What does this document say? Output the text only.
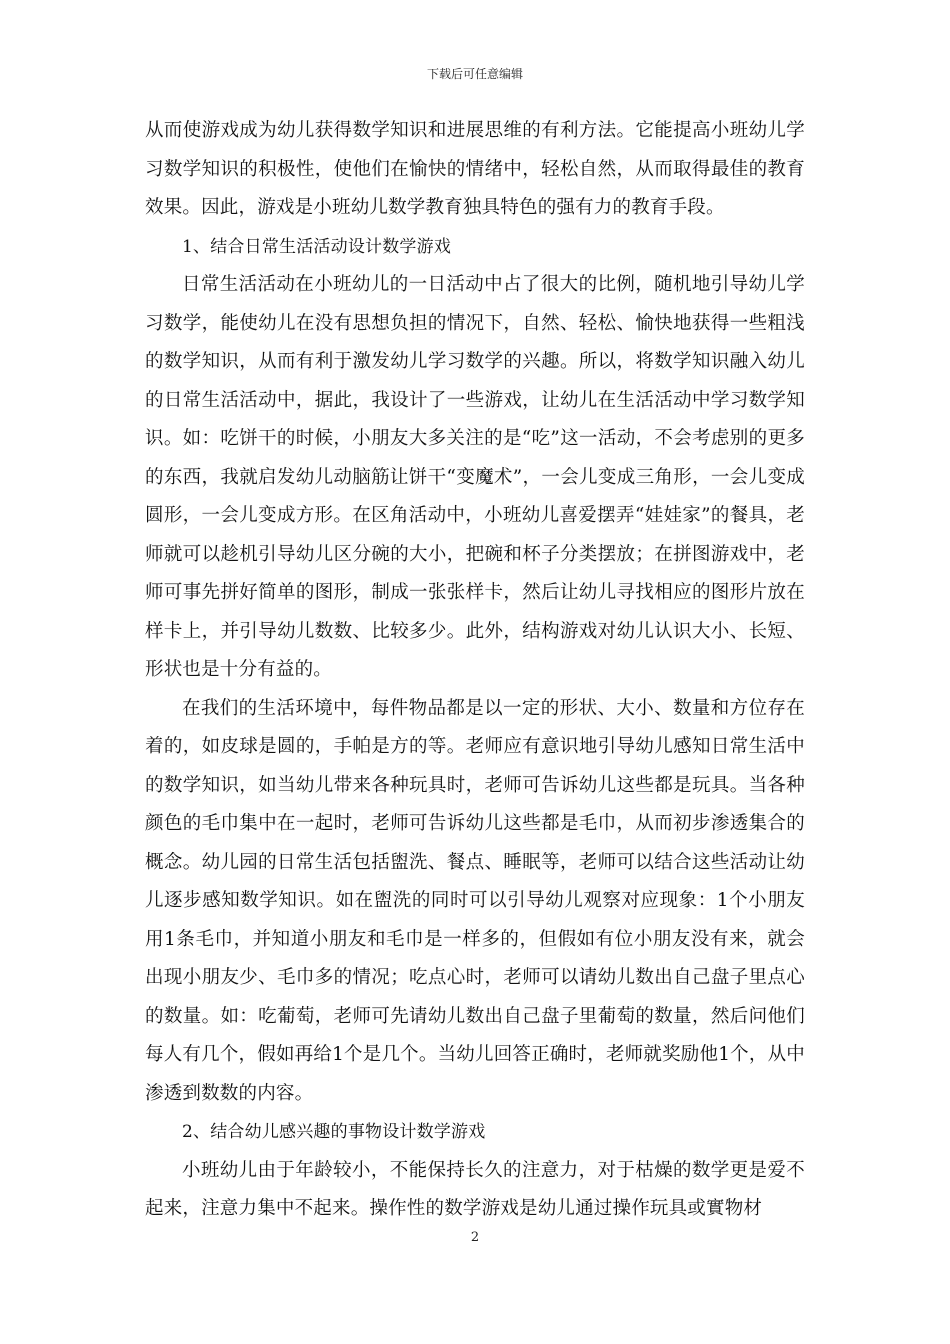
下载后可任意编辑

从而使游戏成为幼儿获得数学知识和进展思维的有利方法。它能提高小班幼儿学习数学知识的积极性，使他们在愉快的情绪中，轻松自然，从而取得最佳的教育效果。因此，游戏是小班幼儿数学教育独具特色的强有力的教育手段。

1、结合日常生活活动设计数学游戏

日常生活活动在小班幼儿的一日活动中占了很大的比例，随机地引导幼儿学习数学，能使幼儿在没有思想负担的情况下，自然、轻松、愉快地获得一些粗浅的数学知识，从而有利于激发幼儿学习数学的兴趣。所以，将数学知识融入幼儿的日常生活活动中，据此，我设计了一些游戏，让幼儿在生活活动中学习数学知识。如：吃饼干的时候，小朋友大多关注的是“吃”这一活动，不会考虑别的更多的东西，我就启发幼儿动脑筋让饼干“变魔术”，一会儿变成三角形，一会儿变成圆形，一会儿变成方形。在区角活动中，小班幼儿喜爱摆弄“娃娃家”的餐具，老师就可以趁机引导幼儿区分碗的大小，把碗和杯子分类摆放；在拼图游戏中，老师可事先拼好简单的图形，制成一张张样卡，然后让幼儿寻找相应的图形片放在样卡上，并引导幼儿数数、比较多少。此外，结构游戏对幼儿认识大小、长短、形状也是十分有益的。

在我们的生活环境中，每件物品都是以一定的形状、大小、数量和方位存在着的，如皮球是圆的，手帕是方的等。老师应有意识地引导幼儿感知日常生活中的数学知识，如当幼儿带来各种玩具时，老师可告诉幼儿这些都是玩具。当各种颜色的毛巾集中在一起时，老师可告诉幼儿这些都是毛巾，从而初步渗透集合的概念。幼儿园的日常生活包括盥洗、餐点、睡眠等，老师可以结合这些活动让幼儿逐步感知数学知识。如在盥洗的同时可以引导幼儿观察对应现象：1个小朋友用1条毛巾，并知道小朋友和毛巾是一样多的，但假如有位小朋友没有来，就会出现小朋友少、毛巾多的情况；吃点心时，老师可以请幼儿数出自己盘子里点心的数量。如：吃葡萄，老师可先请幼儿数出自己盘子里葡萄的数量，然后问他们每人有几个，假如再给1个是几个。当幼儿回答正确时，老师就奖励他1个，从中渗透到数数的内容。

2、结合幼儿感兴趣的事物设计数学游戏

小班幼儿由于年龄较小，不能保持长久的注意力，对于枯燥的数学更是爱不起来，注意力集中不起来。操作性的数学游戏是幼儿通过操作玩具或實物材

2
